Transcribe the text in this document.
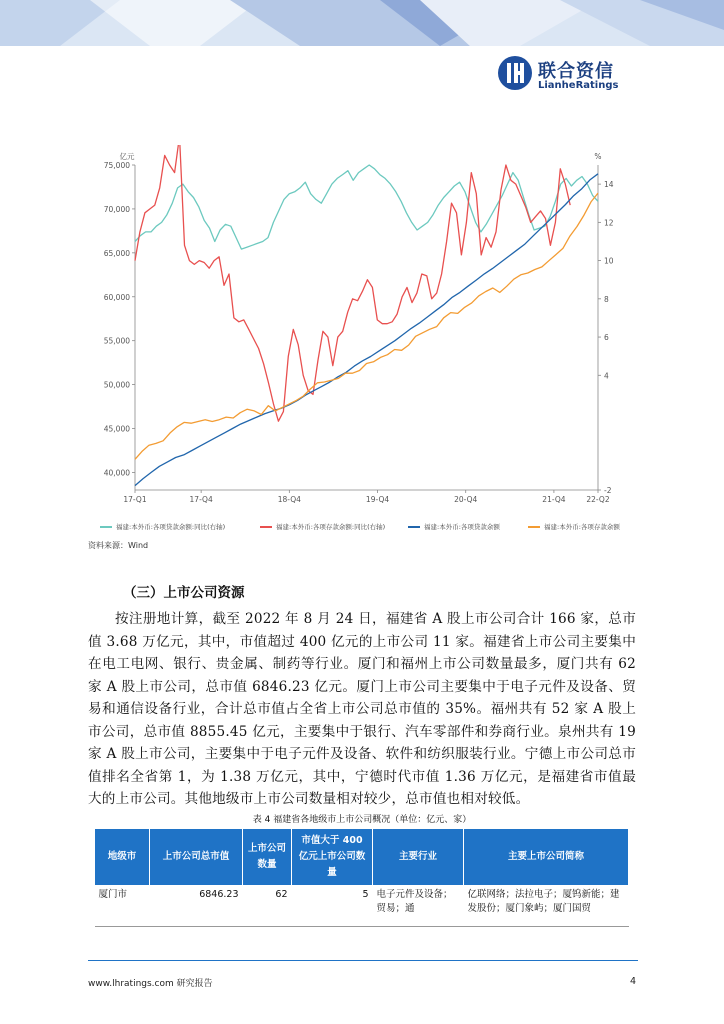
联合资信
LianheRatings
40,000
45,000
50,000
55,000
60,000
65,000
70,000
75,000
-2
4
6
8
10
12
14
亿元	%
17-Q1	17-Q4	18-Q4	19-Q4	20-Q4	21-Q4	22-Q2
福建:本外币:各项贷款余额:同比(右轴)	福建:本外币:各项存款余额:同比(右轴)	福建:本外币:各项贷款余额	福建:本外币:各项存款余额
资料来源：Wind
（三）上市公司资源

按注册地计算，截至 2022 年 8 月 24 日，福建省 A 股上市公司合计 166 家，总市值 3.68 万亿元，其中，市值超过 400 亿元的上市公司 11 家。福建省上市公司主要集中在电工电网、银行、贵金属、制药等行业。厦门和福州上市公司数量最多，厦门共有 62 家 A 股上市公司，总市值 6846.23 亿元。厦门上市公司主要集中于电子元件及设备、贸易和通信设备行业，合计总市值占全省上市公司总市值的 35%。福州共有 52 家 A 股上市公司，总市值 8855.45 亿元，主要集中于银行、汽车零部件和券商行业。泉州共有 19 家 A 股上市公司，主要集中于电子元件及设备、软件和纺织服装行业。宁德上市公司总市值排名全省第 1，为 1.38 万亿元，其中，宁德时代市值 1.36 万亿元，是福建省市值最大的上市公司。其他地级市上市公司数量相对较少，总市值也相对较低。

表 4 福建省各地级市上市公司概况（单位：亿元、家）
地级市	上市公司总市值	上市公司数量	市值大于 400 亿元上市公司数量	主要行业	主要上市公司简称
厦门市	6846.23	62	5	电子元件及设备；贸易；通	亿联网络；法拉电子；厦钨新能；建发股份；厦门象屿；厦门国贸
www.lhratings.com 研究报告	4
